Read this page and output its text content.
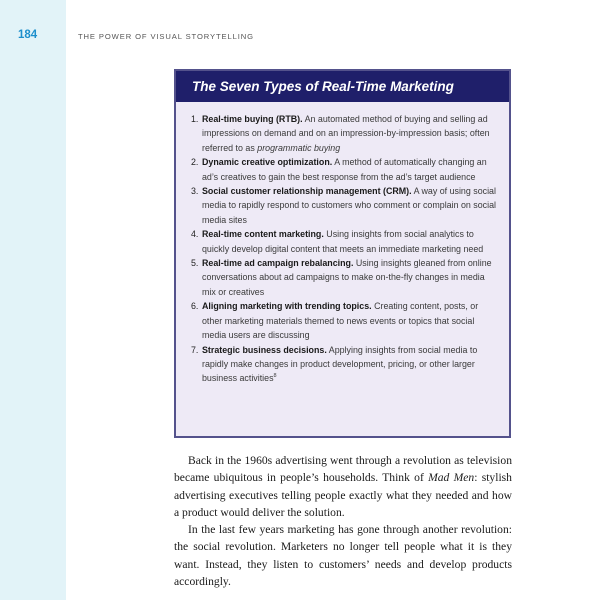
184	THE POWER OF VISUAL STORYTELLING
The Seven Types of Real-Time Marketing
1. Real-time buying (RTB). An automated method of buying and selling ad impressions on demand and on an impression-by-impression basis; often referred to as programmatic buying
2. Dynamic creative optimization. A method of automatically changing an ad’s creatives to gain the best response from the ad’s target audience
3. Social customer relationship management (CRM). A way of using social media to rapidly respond to customers who comment or complain on social media sites
4. Real-time content marketing. Using insights from social analytics to quickly develop digital content that meets an immediate marketing need
5. Real-time ad campaign rebalancing. Using insights gleaned from online conversations about ad campaigns to make on-the-fly changes in media mix or creatives
6. Aligning marketing with trending topics. Creating content, posts, or other marketing materials themed to news events or topics that social media users are discussing
7. Strategic business decisions. Applying insights from social media to rapidly make changes in product development, pricing, or other larger business activities$^8$

Back in the 1960s advertising went through a revolution as television became ubiquitous in people’s households. Think of Mad Men: stylish advertising executives telling people exactly what they needed and how a product would deliver the solution.

In the last few years marketing has gone through another revolution: the social revolution. Marketers no longer tell people what it is they want. Instead, they listen to customers’ needs and develop products accordingly.
